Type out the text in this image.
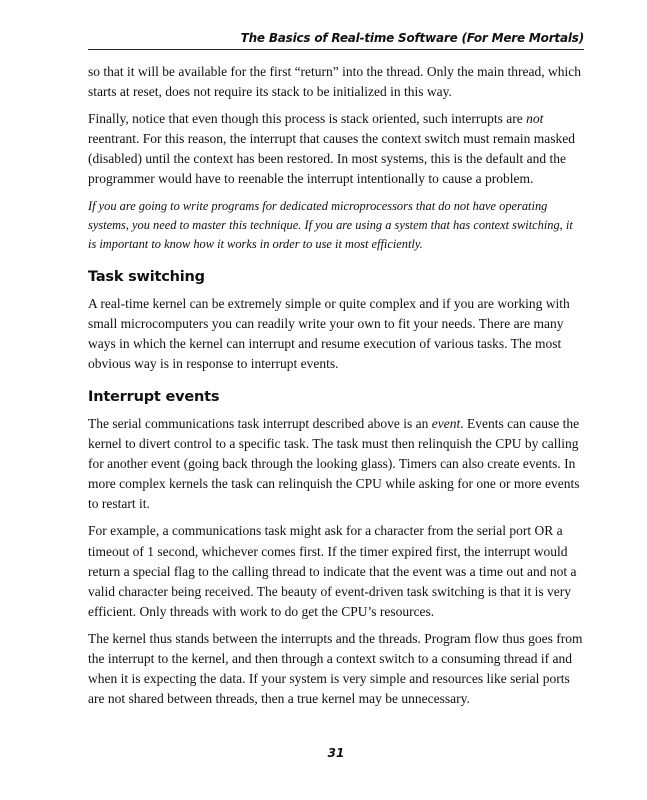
The Basics of Real-time Software (For Mere Mortals)

so that it will be available for the first “return” into the thread. Only the main thread, which starts at reset, does not require its stack to be initialized in this way.

Finally, notice that even though this process is stack oriented, such interrupts are not reentrant. For this reason, the interrupt that causes the context switch must remain masked (disabled) until the context has been restored. In most systems, this is the default and the programmer would have to reenable the interrupt intentionally to cause a problem.

If you are going to write programs for dedicated microprocessors that do not have operating systems, you need to master this technique. If you are using a system that has context switching, it is important to know how it works in order to use it most efficiently.

Task switching

A real-time kernel can be extremely simple or quite complex and if you are working with small microcomputers you can readily write your own to fit your needs. There are many ways in which the kernel can interrupt and resume execution of various tasks. The most obvious way is in response to interrupt events.

Interrupt events

The serial communications task interrupt described above is an event. Events can cause the kernel to divert control to a specific task. The task must then relinquish the CPU by calling for another event (going back through the looking glass). Timers can also create events. In more complex kernels the task can relinquish the CPU while asking for one or more events to restart it.

For example, a communications task might ask for a character from the serial port OR a timeout of 1 second, whichever comes first. If the timer expired first, the interrupt would return a special flag to the calling thread to indicate that the event was a time out and not a valid character being received. The beauty of event-driven task switching is that it is very efficient. Only threads with work to do get the CPU’s resources.

The kernel thus stands between the interrupts and the threads. Program flow thus goes from the interrupt to the kernel, and then through a context switch to a consuming thread if and when it is expecting the data. If your system is very simple and resources like serial ports are not shared between threads, then a true kernel may be unnecessary.

31
